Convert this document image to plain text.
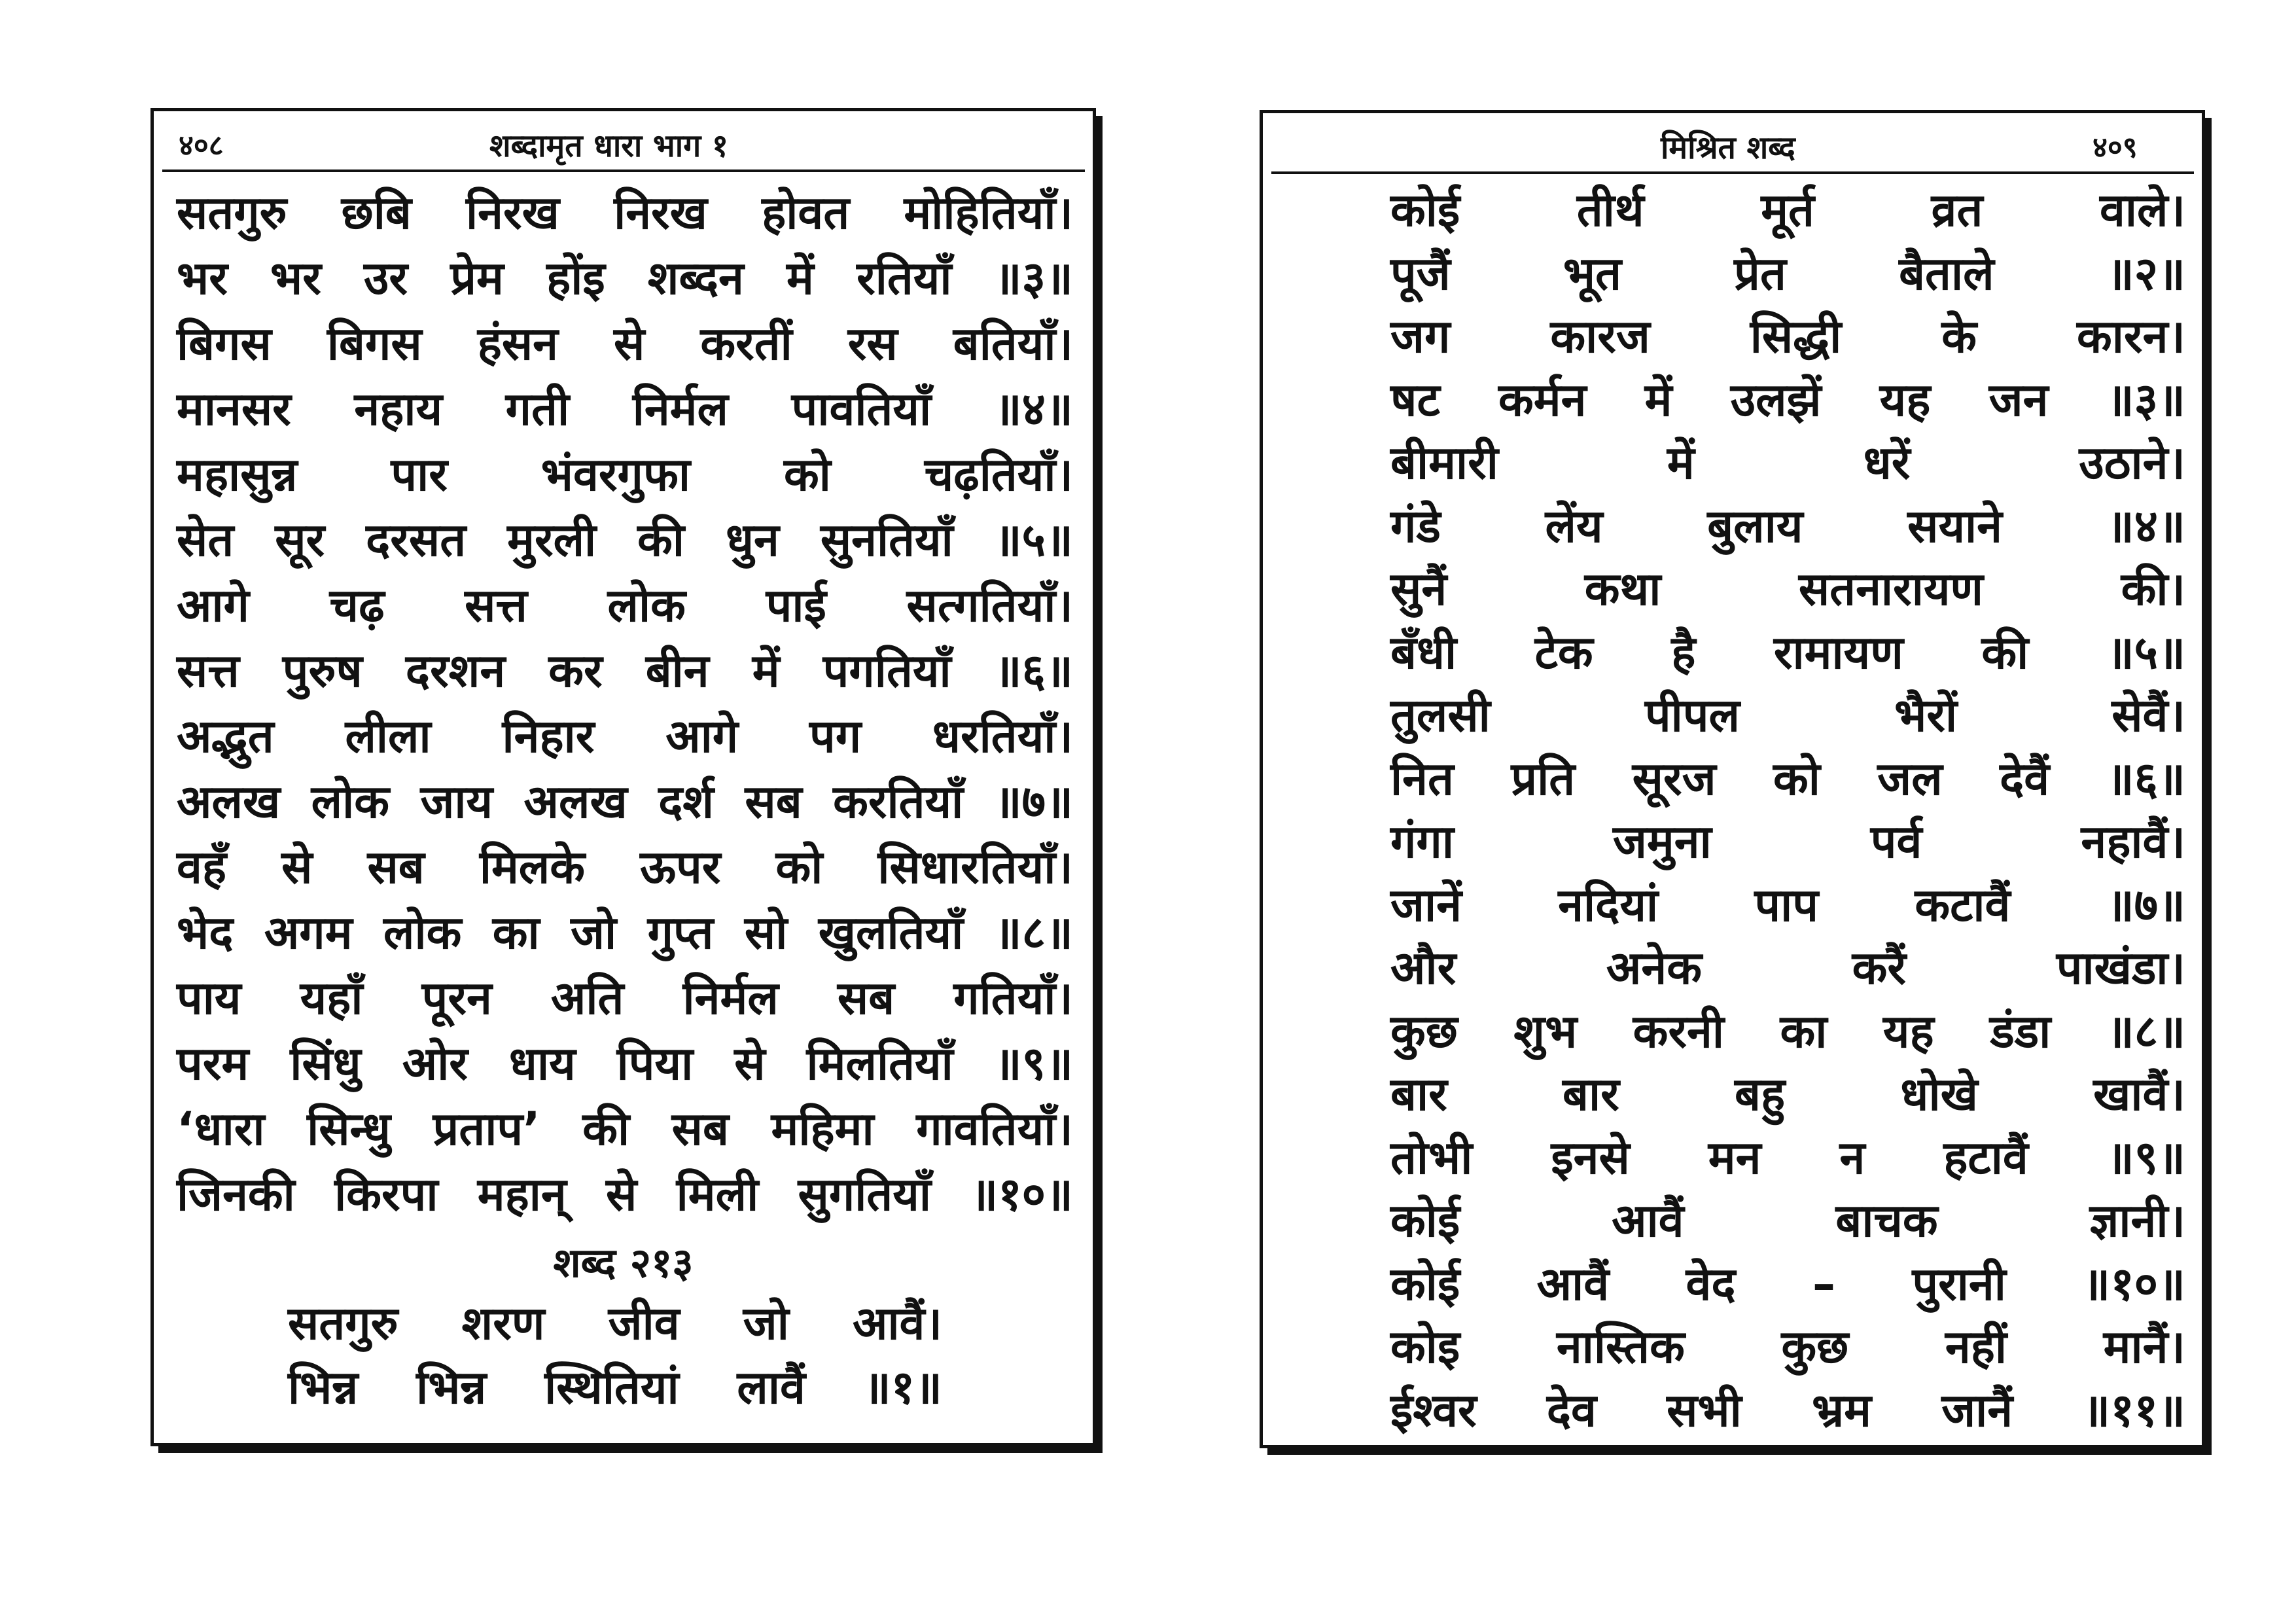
४०८	शब्दामृत धारा भाग १
सतगुरु छबि निरख निरख होवत मोहितियाँ।
भर भर उर प्रेम होंइ शब्दन में रतियाँ ॥३॥
बिगस बिगस हंसन से करतीं रस बतियाँ।
मानसर नहाय गती निर्मल पावतियाँ ॥४॥
महासुन्न पार भंवरगुफा को चढ़तियाँ।
सेत सूर दरसत मुरली की धुन सुनतियाँ ॥५॥
आगे चढ़ सत्त लोक पाई सत्गतियाँ।
सत्त पुरुष दरशन कर बीन में पगतियाँ ॥६॥
अद्भुत लीला निहार आगे पग धरतियाँ।
अलख लोक जाय अलख दर्श सब करतियाँ ॥७॥
वहँ से सब मिलके ऊपर को सिधारतियाँ।
भेद अगम लोक का जो गुप्त सो खुलतियाँ ॥८॥
पाय यहाँ पूरन अति निर्मल सब गतियाँ।
परम सिंधु ओर धाय पिया से मिलतियाँ ॥९॥
‘धारा सिन्धु प्रताप’ की सब महिमा गावतियाँ।
जिनकी किरपा महान् से मिली सुगतियाँ ॥१०॥
शब्द २१३
सतगुरु शरण जीव जो आवैं।
भिन्न भिन्न स्थितियां लावैं ॥१॥
मिश्रित शब्द	४०९
कोई	तीर्थ	मूर्त	व्रत	वाले।
पूजैं भूत प्रेत बैताले ॥२॥
जग कारज सिद्धी के कारन।
षट कर्मन में उलझें यह जन ॥३॥
बीमारी	में	धरें	उठाने।
गंडे लेंय बुलाय सयाने ॥४॥
सुनैं	कथा	सतनारायण	की।
बँधी टेक है रामायण की ॥५॥
तुलसी	पीपल	भैरों	सेवैं।
नित प्रति सूरज को जल देवैं ॥६॥
गंगा	जमुना	पर्व	नहावैं।
जानें नदियां पाप कटावैं ॥७॥
और	अनेक	करैं	पाखंडा।
कुछ शुभ करनी का यह डंडा ॥८॥
बार	बार	बहु	धोखे	खावैं।
तोभी इनसे मन न हटावैं ॥९॥
कोई	आवैं	बाचक	ज्ञानी।
कोई आवैं वेद – पुरानी ॥१०॥
कोइ नास्तिक कुछ नहीं मानैं।
ईश्वर देव सभी भ्रम जानैं ॥११॥
